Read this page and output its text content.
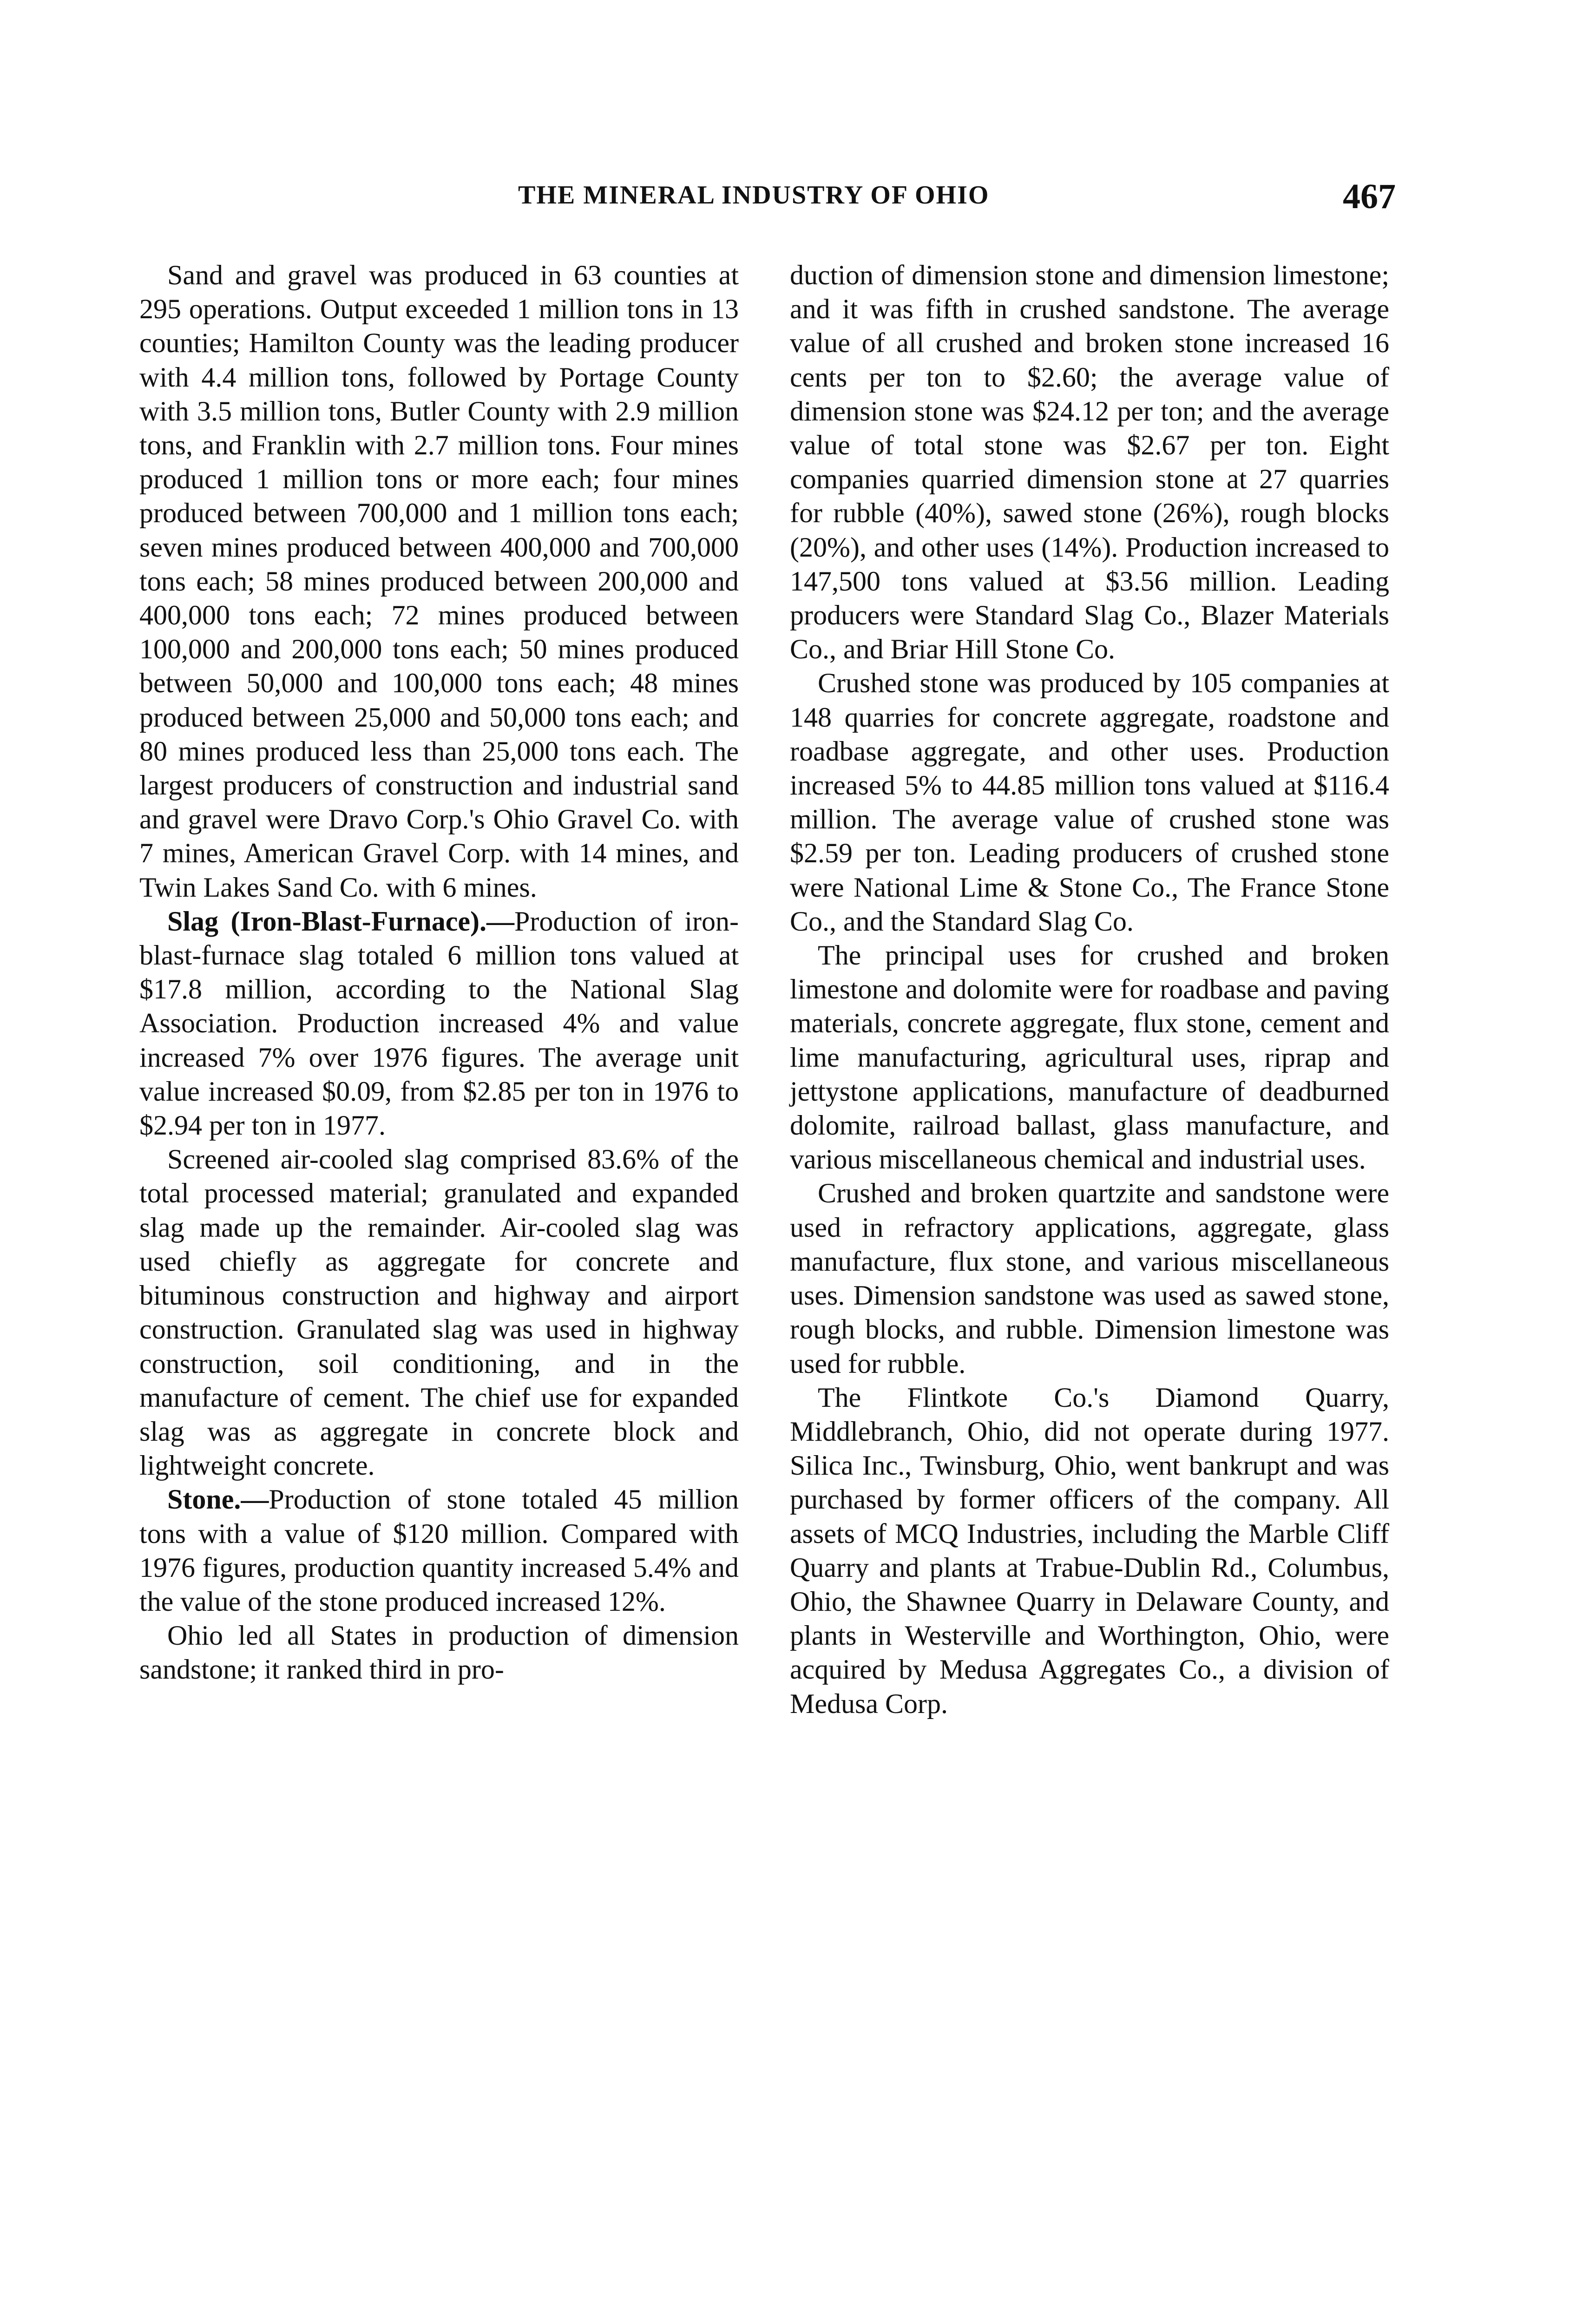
THE MINERAL INDUSTRY OF OHIO	467

Sand and gravel was produced in 63 counties at 295 operations. Output exceeded 1 million tons in 13 counties; Hamilton County was the leading producer with 4.4 million tons, followed by Portage County with 3.5 million tons, Butler County with 2.9 million tons, and Franklin with 2.7 million tons. Four mines produced 1 million tons or more each; four mines produced between 700,000 and 1 million tons each; seven mines produced between 400,000 and 700,000 tons each; 58 mines produced between 200,000 and 400,000 tons each; 72 mines produced between 100,000 and 200,000 tons each; 50 mines produced between 50,000 and 100,000 tons each; 48 mines produced between 25,000 and 50,000 tons each; and 80 mines produced less than 25,000 tons each. The largest producers of construction and industrial sand and gravel were Dravo Corp.'s Ohio Gravel Co. with 7 mines, American Gravel Corp. with 14 mines, and Twin Lakes Sand Co. with 6 mines.

Slag (Iron-Blast-Furnace).—Production of iron-blast-furnace slag totaled 6 million tons valued at $17.8 million, according to the National Slag Association. Production increased 4% and value increased 7% over 1976 figures. The average unit value increased $0.09, from $2.85 per ton in 1976 to $2.94 per ton in 1977.

Screened air-cooled slag comprised 83.6% of the total processed material; granulated and expanded slag made up the remainder. Air-cooled slag was used chiefly as aggregate for concrete and bituminous construction and highway and airport construction. Granulated slag was used in highway construction, soil conditioning, and in the manufacture of cement. The chief use for expanded slag was as aggregate in concrete block and lightweight concrete.

Stone.—Production of stone totaled 45 million tons with a value of $120 million. Compared with 1976 figures, production quantity increased 5.4% and the value of the stone produced increased 12%.

Ohio led all States in production of dimension sandstone; it ranked third in pro-

duction of dimension stone and dimension limestone; and it was fifth in crushed sandstone. The average value of all crushed and broken stone increased 16 cents per ton to $2.60; the average value of dimension stone was $24.12 per ton; and the average value of total stone was $2.67 per ton. Eight companies quarried dimension stone at 27 quarries for rubble (40%), sawed stone (26%), rough blocks (20%), and other uses (14%). Production increased to 147,500 tons valued at $3.56 million. Leading producers were Standard Slag Co., Blazer Materials Co., and Briar Hill Stone Co.

Crushed stone was produced by 105 companies at 148 quarries for concrete aggregate, roadstone and roadbase aggregate, and other uses. Production increased 5% to 44.85 million tons valued at $116.4 million. The average value of crushed stone was $2.59 per ton. Leading producers of crushed stone were National Lime & Stone Co., The France Stone Co., and the Standard Slag Co.

The principal uses for crushed and broken limestone and dolomite were for roadbase and paving materials, concrete aggregate, flux stone, cement and lime manufacturing, agricultural uses, riprap and jettystone applications, manufacture of deadburned dolomite, railroad ballast, glass manufacture, and various miscellaneous chemical and industrial uses.

Crushed and broken quartzite and sandstone were used in refractory applications, aggregate, glass manufacture, flux stone, and various miscellaneous uses. Dimension sandstone was used as sawed stone, rough blocks, and rubble. Dimension limestone was used for rubble.

The Flintkote Co.'s Diamond Quarry, Middlebranch, Ohio, did not operate during 1977. Silica Inc., Twinsburg, Ohio, went bankrupt and was purchased by former officers of the company. All assets of MCQ Industries, including the Marble Cliff Quarry and plants at Trabue-Dublin Rd., Columbus, Ohio, the Shawnee Quarry in Delaware County, and plants in Westerville and Worthington, Ohio, were acquired by Medusa Aggregates Co., a division of Medusa Corp.
